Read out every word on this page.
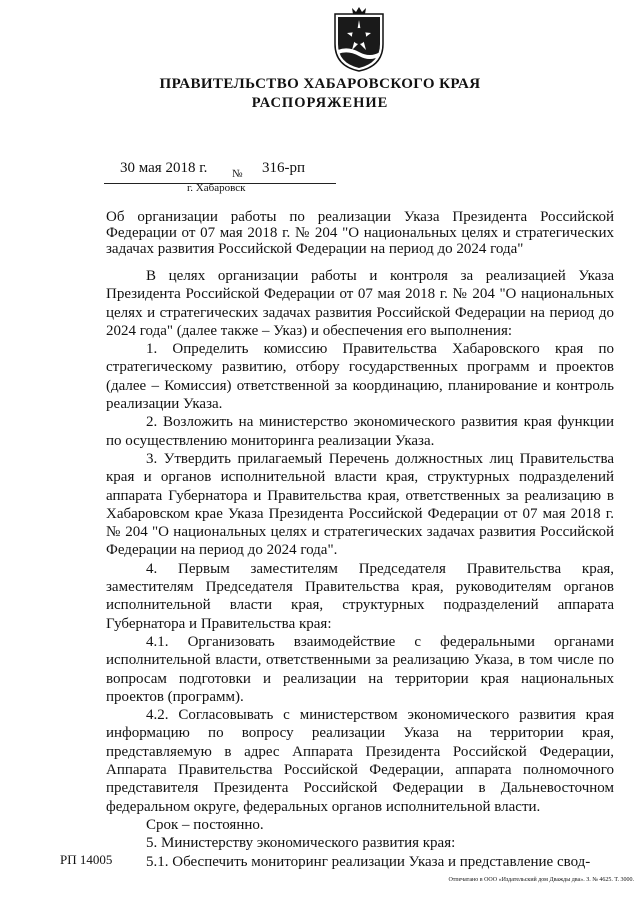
ПРАВИТЕЛЬСТВО ХАБАРОВСКОГО КРАЯ
РАСПОРЯЖЕНИЕ
30 мая 2018 г. № 316-рп
г. Хабаровск
Об организации работы по реализации Указа Президента Российской Федерации от 07 мая 2018 г. № 204 "О национальных целях и стратегических задачах развития Российской Федерации на период до 2024 года"

В целях организации работы и контроля за реализацией Указа Президента Российской Федерации от 07 мая 2018 г. № 204 "О национальных целях и стратегических задачах развития Российской Федерации на период до 2024 года" (далее также – Указ) и обеспечения его выполнения:

1. Определить комиссию Правительства Хабаровского края по стратегическому развитию, отбору государственных программ и проектов (далее – Комиссия) ответственной за координацию, планирование и контроль реализации Указа.

2. Возложить на министерство экономического развития края функции по осуществлению мониторинга реализации Указа.

3. Утвердить прилагаемый Перечень должностных лиц Правительства края и органов исполнительной власти края, структурных подразделений аппарата Губернатора и Правительства края, ответственных за реализацию в Хабаровском крае Указа Президента Российской Федерации от 07 мая 2018 г. № 204 "О национальных целях и стратегических задачах развития Российской Федерации на период до 2024 года".

4. Первым заместителям Председателя Правительства края, заместителям Председателя Правительства края, руководителям органов исполнительной власти края, структурных подразделений аппарата Губернатора и Правительства края:

4.1. Организовать взаимодействие с федеральными органами исполнительной власти, ответственными за реализацию Указа, в том числе по вопросам подготовки и реализации на территории края национальных проектов (программ).

4.2. Согласовывать с министерством экономического развития края информацию по вопросу реализации Указа на территории края, представляемую в адрес Аппарата Президента Российской Федерации, Аппарата Правительства Российской Федерации, аппарата полномочного представителя Президента Российской Федерации в Дальневосточном федеральном округе, федеральных органов исполнительной власти.

Срок – постоянно.

5. Министерству экономического развития края:

5.1. Обеспечить мониторинг реализации Указа и представление свод-

РП 14005
Отпечатано в ООО «Издательский дом Дважды два». З. № 4625. Т. 3000.
